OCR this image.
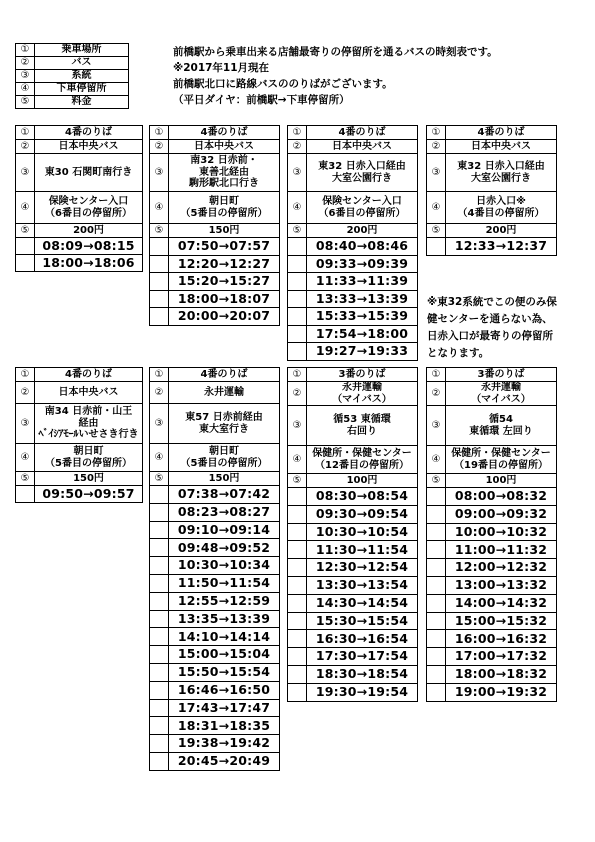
①	乗車場所
②	バス
③	系統
④	下車停留所
⑤	料金
前橋駅から乗車出来る店舗最寄りの停留所を通るバスの時刻表です。
※2017年11月現在
前橋駅北口に路線バスののりばがございます。
（平日ダイヤ：前橋駅→下車停留所）
①	4番のりば
②	日本中央バス
③	東30 石関町南行き

④	保険センター入口
（6番目の停留所）

⑤	200円
	08:09→08:15
	18:00→18:06
①	4番のりば
②	日本中央バス
③	南32 日赤前・
東善北経由
駒形駅北口行き

④	朝日町
（5番目の停留所）

⑤	150円
	07:50→07:57
	12:20→12:27
	15:20→15:27
	18:00→18:07
	20:00→20:07
①	4番のりば
②	日本中央バス
③	東32 日赤入口経由
大室公園行き

④	保険センター入口
（6番目の停留所）

⑤	200円
	08:40→08:46
	09:33→09:39
	11:33→11:39
	13:33→13:39
	15:33→15:39
	17:54→18:00
	19:27→19:33
①	4番のりば
②	日本中央バス
③	東32 日赤入口経由
大室公園行き

④	日赤入口※
（4番目の停留所）

⑤	200円
	12:33→12:37
①	4番のりば
②	日本中央バス
③	南34 日赤前・山王
経由
ﾍﾞｲｼｱﾓｰﾙいせさき行き

④	朝日町
（5番目の停留所）

⑤	150円
	09:50→09:57
①	4番のりば
②	永井運輸
③	東57 日赤前経由
東大室行き

④	朝日町
（5番目の停留所）

⑤	150円
	07:38→07:42
	08:23→08:27
	09:10→09:14
	09:48→09:52
	10:30→10:34
	11:50→11:54
	12:55→12:59
	13:35→13:39
	14:10→14:14
	15:00→15:04
	15:50→15:54
	16:46→16:50
	17:43→17:47
	18:31→18:35
	19:38→19:42
	20:45→20:49
①	3番のりば
②	永井運輸
（マイバス）

③	循53 東循環
右回り

④	保健所・保健センター
（12番目の停留所）

⑤	100円
	08:30→08:54
	09:30→09:54
	10:30→10:54
	11:30→11:54
	12:30→12:54
	13:30→13:54
	14:30→14:54
	15:30→15:54
	16:30→16:54
	17:30→17:54
	18:30→18:54
	19:30→19:54
①	3番のりば
②	永井運輸
（マイバス）

③	循54
東循環 左回り

④	保健所・保健センター
（19番目の停留所）

⑤	100円
	08:00→08:32
	09:00→09:32
	10:00→10:32
	11:00→11:32
	12:00→12:32
	13:00→13:32
	14:00→14:32
	15:00→15:32
	16:00→16:32
	17:00→17:32
	18:00→18:32
	19:00→19:32
※東32系統でこの便のみ保健センターを通らない為、日赤入口が最寄りの停留所となります。
